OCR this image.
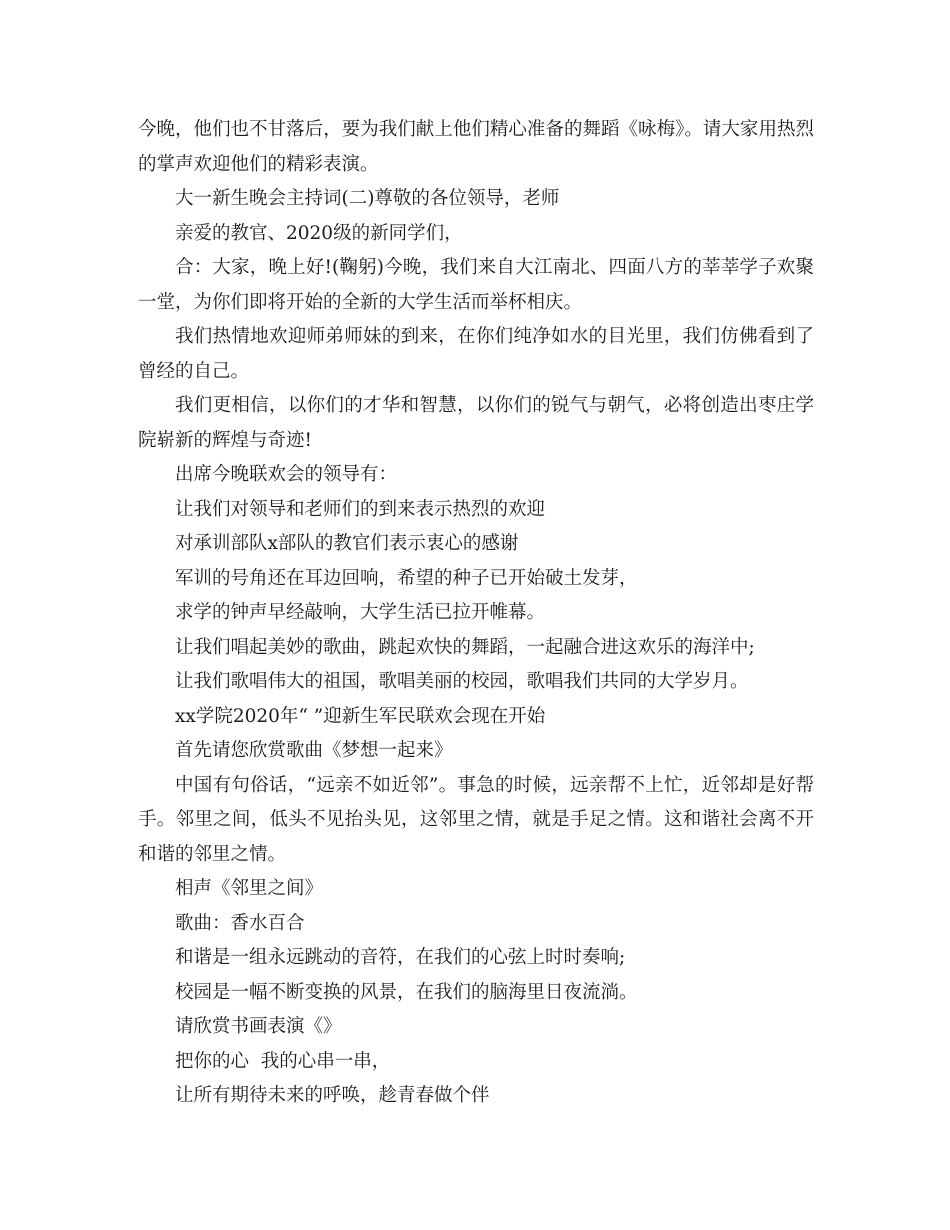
今晚，他们也不甘落后，要为我们献上他们精心准备的舞蹈《咏梅》。请大家用热烈的掌声欢迎他们的精彩表演。

大一新生晚会主持词(二)尊敬的各位领导，老师

亲爱的教官、2020级的新同学们，

合：大家，晚上好!(鞠躬)今晚，我们来自大江南北、四面八方的莘莘学子欢聚一堂，为你们即将开始的全新的大学生活而举杯相庆。

我们热情地欢迎师弟师妹的到来，在你们纯净如水的目光里，我们仿佛看到了曾经的自己。

我们更相信，以你们的才华和智慧，以你们的锐气与朝气，必将创造出枣庄学院崭新的辉煌与奇迹!

出席今晚联欢会的领导有：

让我们对领导和老师们的到来表示热烈的欢迎

对承训部队x部队的教官们表示衷心的感谢

军训的号角还在耳边回响，希望的种子已开始破土发芽，

求学的钟声早经敲响，大学生活已拉开帷幕。

让我们唱起美妙的歌曲，跳起欢快的舞蹈，一起融合进这欢乐的海洋中;

让我们歌唱伟大的祖国，歌唱美丽的校园，歌唱我们共同的大学岁月。

xx学院2020年“ ”迎新生军民联欢会现在开始

首先请您欣赏歌曲《梦想一起来》

中国有句俗话，“远亲不如近邻”。事急的时候，远亲帮不上忙，近邻却是好帮手。邻里之间，低头不见抬头见，这邻里之情，就是手足之情。这和谐社会离不开和谐的邻里之情。

相声《邻里之间》

歌曲：香水百合

和谐是一组永远跳动的音符，在我们的心弦上时时奏响;

校园是一幅不断变换的风景，在我们的脑海里日夜流淌。

请欣赏书画表演《》

把你的心  我的心串一串，

让所有期待未来的呼唤，趁青春做个伴
